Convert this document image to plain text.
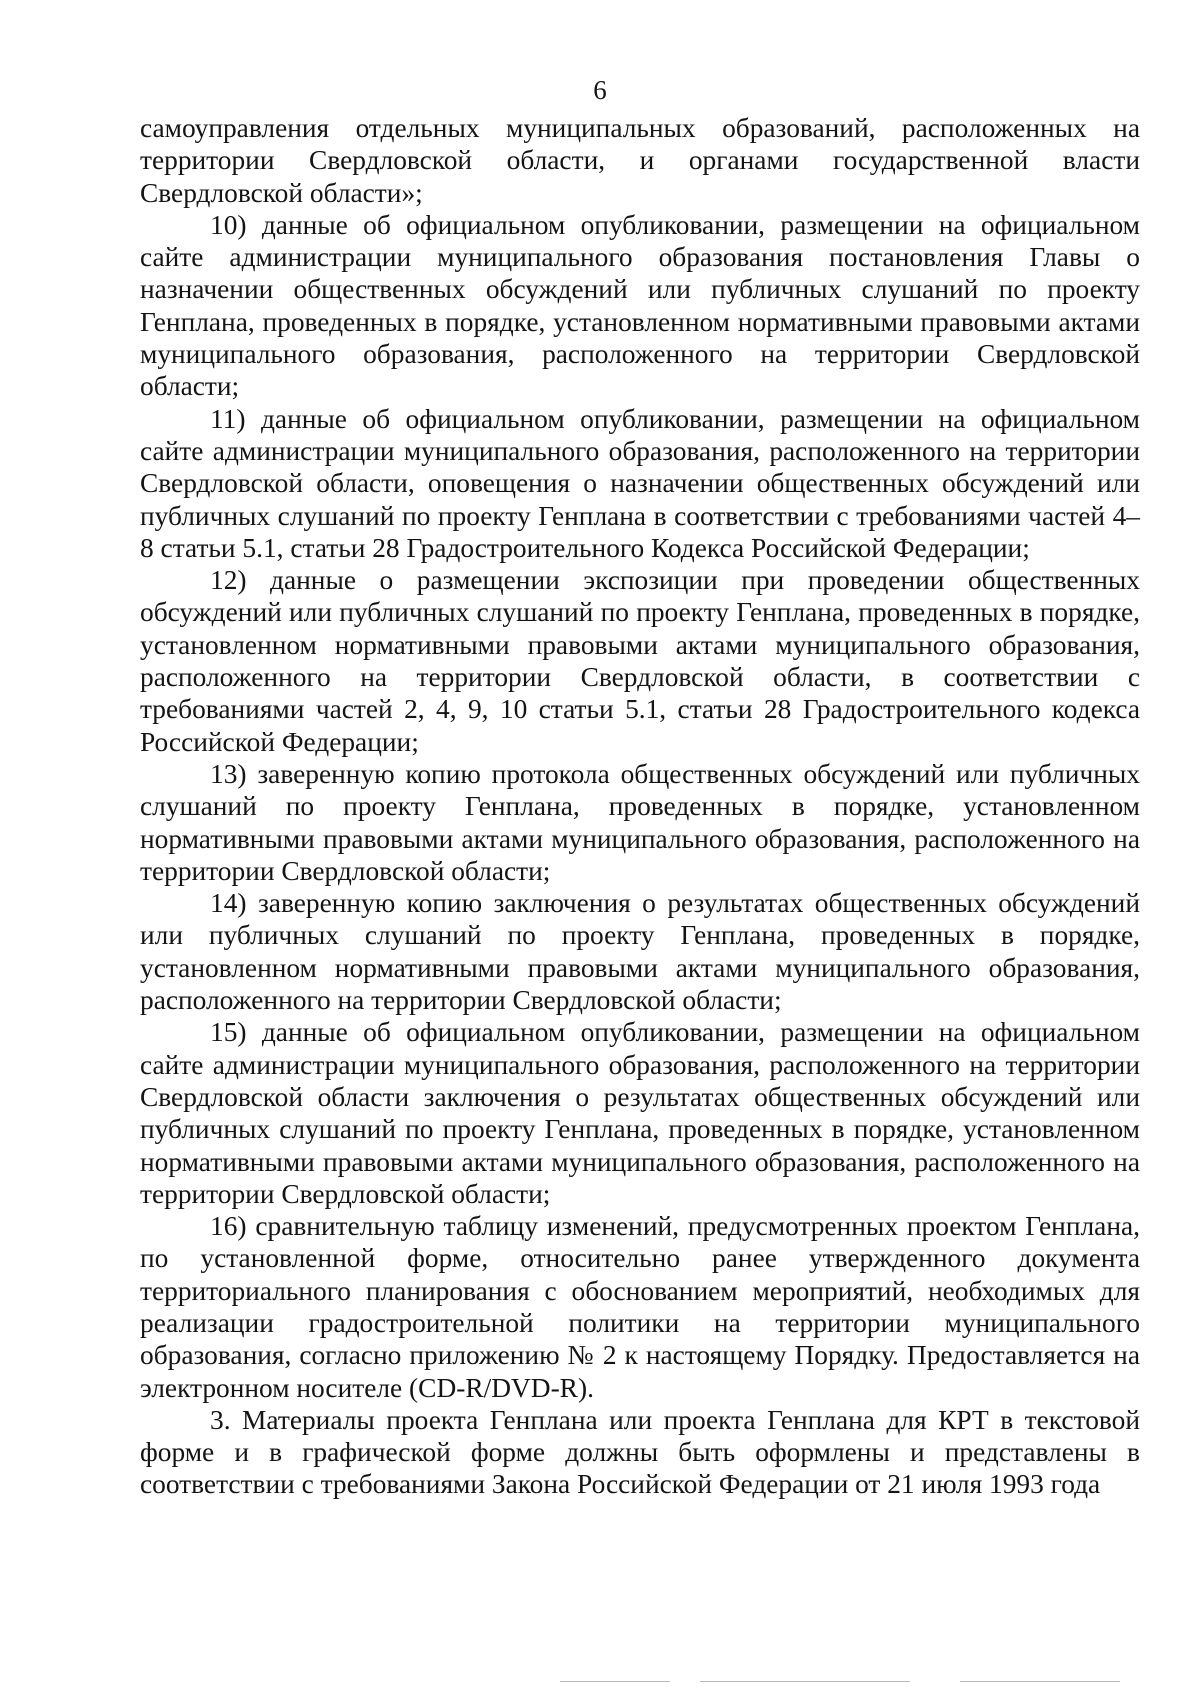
6

самоуправления отдельных муниципальных образований, расположенных на территории Свердловской области, и органами государственной власти Свердловской области»;

10) данные об официальном опубликовании, размещении на официальном сайте администрации муниципального образования постановления Главы о назначении общественных обсуждений или публичных слушаний по проекту Генплана, проведенных в порядке, установленном нормативными правовыми актами муниципального образования, расположенного на территории Свердловской области;

11) данные об официальном опубликовании, размещении на официальном сайте администрации муниципального образования, расположенного на территории Свердловской области, оповещения о назначении общественных обсуждений или публичных слушаний по проекту Генплана в соответствии с требованиями частей 4–8 статьи 5.1, статьи 28 Градостроительного Кодекса Российской Федерации;

12) данные о размещении экспозиции при проведении общественных обсуждений или публичных слушаний по проекту Генплана, проведенных в порядке, установленном нормативными правовыми актами муниципального образования, расположенного на территории Свердловской области, в соответствии с требованиями частей 2, 4, 9, 10 статьи 5.1, статьи 28 Градостроительного кодекса Российской Федерации;

13) заверенную копию протокола общественных обсуждений или публичных слушаний по проекту Генплана, проведенных в порядке, установленном нормативными правовыми актами муниципального образования, расположенного на территории Свердловской области;

14) заверенную копию заключения о результатах общественных обсуждений или публичных слушаний по проекту Генплана, проведенных в порядке, установленном нормативными правовыми актами муниципального образования, расположенного на территории Свердловской области;

15) данные об официальном опубликовании, размещении на официальном сайте администрации муниципального образования, расположенного на территории Свердловской области заключения о результатах общественных обсуждений или публичных слушаний по проекту Генплана, проведенных в порядке, установленном нормативными правовыми актами муниципального образования, расположенного на территории Свердловской области;

16) сравнительную таблицу изменений, предусмотренных проектом Генплана, по установленной форме, относительно ранее утвержденного документа территориального планирования с обоснованием мероприятий, необходимых для реализации градостроительной политики на территории муниципального образования, согласно приложению № 2 к настоящему Порядку. Предоставляется на электронном носителе (CD-R/DVD-R).

3. Материалы проекта Генплана или проекта Генплана для КРТ в текстовой форме и в графической форме должны быть оформлены и представлены в соответствии с требованиями Закона Российской Федерации от 21 июля 1993 года
